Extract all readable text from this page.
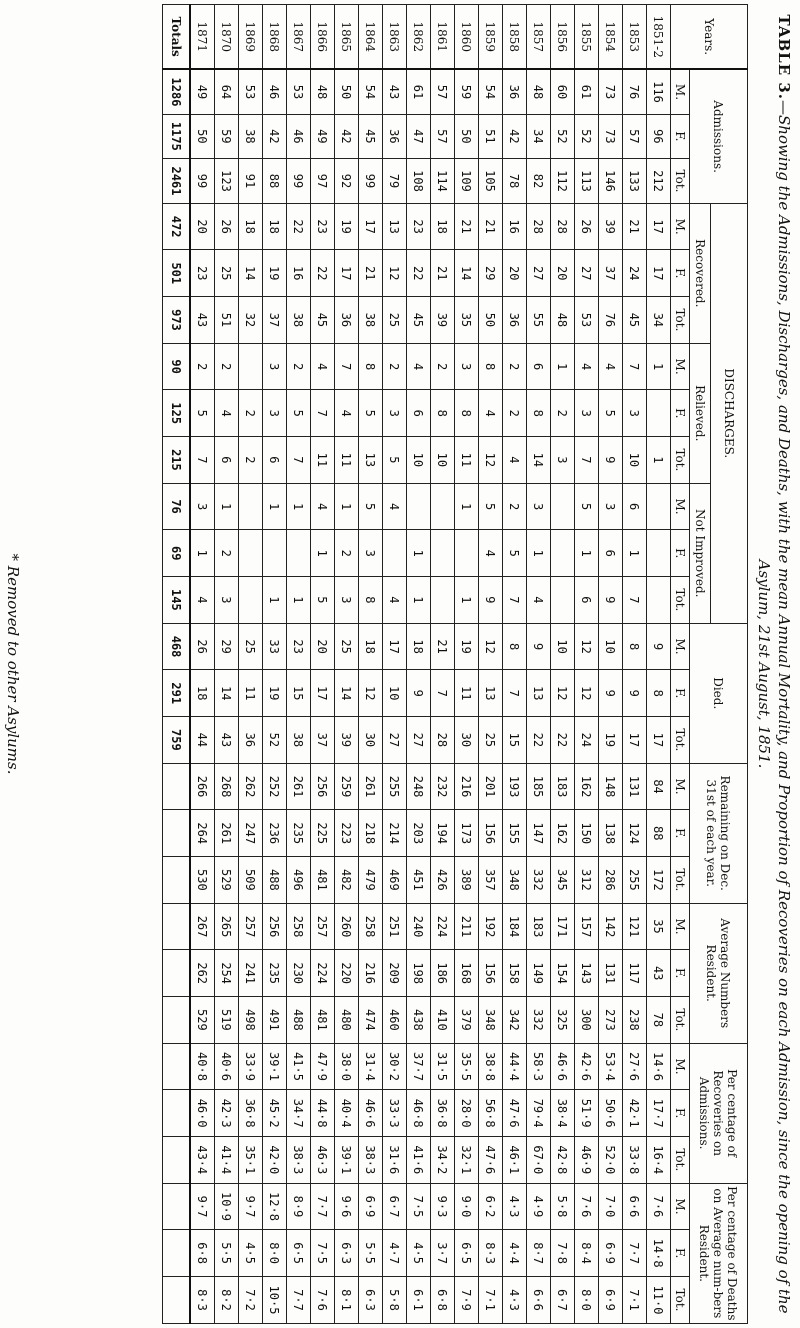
TABLE 3.—Showing the Admissions, Discharges, and Deaths, with the mean Annual Mortality, and Proportion of Recoveries on each Admission, since the opening of the Asylum, 21st August, 1851.
Years.	Admissions.			DISCHARGES.									Died.			Remaining on Dec. 31st of each year.			Average Numbers Resident.			Per centage of Recoveries on Admissions.			Per centage of Deaths on Average num-bers Resident.		
				Recovered.			Relieved.			Not Improved.																	
	M.	F.	Tot.	M.	F.	Tot.	M.	F.	Tot.	M.	F.	Tot.	M.	F.	Tot.	M.	F.	Tot.	M.	F.	Tot.	M.	F.	Tot.	M.	F.	Tot.
1851-2	116	96	212	17	17	34	1		1				9	8	17	84	88	172	35	43	78	14·6	17·7	16·4	7·6	14·8	11·0
1853	76	57	133	21	24	45	7	3	10	6	1	7	8	9	17	131	124	255	121	117	238	27·6	42·1	33·8	6·6	7·7	7·1
1854	73	73	146	39	37	76	4	5	9	3	6	9	10	9	19	148	138	286	142	131	273	53·4	50·6	52·0	7·0	6·9	6·9
1855	61	52	113	26	27	53	4	3	7	5	1	6	12	12	24	162	150	312	157	143	300	42·6	51·9	46·9	7·6	8·4	8·0
1856	60	52	112	28	20	48	1	2	3				10	12	22	183	162	345	171	154	325	46·6	38·4	42·8	5·8	7·8	6·7
1857	48	34	82	28	27	55	6	8	14	3	1	4	9	13	22	185	147	332	183	149	332	58·3	79·4	67·0	4·9	8·7	6·6
1858	36	42	78	16	20	36	2	2	4	2	5	7	8	7	15	193	155	348	184	158	342	44·4	47·6	46·1	4·3	4·4	4·3
1859	54	51	105	21	29	50	8	4	12	5	4	9	12	13	25	201	156	357	192	156	348	38·8	56·8	47·6	6·2	8·3	7·1
1860	59	50	109	21	14	35	3	8	11	1		1	19	11	30	216	173	389	211	168	379	35·5	28·0	32·1	9·0	6·5	7·9
1861	57	57	114	18	21	39	2	8	10				21	7	28	232	194	426	224	186	410	31·5	36·8	34·2	9·3	3·7	6·8
1862	61	47	108	23	22	45	4	6	10		1	1	18	9	27	248	203	451	240	198	438	37·7	46·8	41·6	7·5	4·5	6·1
1863	43	36	79	13	12	25	2	3	5	4		4	17	10	27	255	214	469	251	209	460	30·2	33·3	31·6	6·7	4·7	5·8
1864	54	45	99	17	21	38	8	5	13	5	3	8	18	12	30	261	218	479	258	216	474	31·4	46·6	38·3	6·9	5·5	6·3
1865	50	42	92	19	17	36	7	4	11	1	2	3	25	14	39	259	223	482	260	220	480	38·0	40·4	39·1	9·6	6·3	8·1
1866	48	49	97	23	22	45	4	7	11	4	1	5	20	17	37	256	225	481	257	224	481	47·9	44·8	46·3	7·7	7·5	7·6
1867	53	46	99	22	16	38	2	5	7	1		1	23	15	38	261	235	496	258	230	488	41·5	34·7	38·3	8·9	6·5	7·7
1868	46	42	88	18	19	37	3	3	6	1		1	33	19	52	252	236	488	256	235	491	39·1	45·2	42·0	12·8	8·0	10·5
1869	53	38	91	18	14	32		2	2				25	11	36	262	247	509	257	241	498	33·9	36·8	35·1	9·7	4·5	7·2
1870	64	59	123	26	25	51	2	4	6	1	2	3	29	14	43	268	261	529	265	254	519	40·6	42·3	41·4	10·9	5·5	8·2
1871	49	50	99	20	23	43	2	5	7	3	1	4	26	18	44	266	264	530	267	262	529	40·8	46·0	43·4	9·7	6·8	8·3
Totals	1286	1175	2461	472	501	973	90	125	215	76	69	145	468	291	759												
* Removed to other Asylums.
